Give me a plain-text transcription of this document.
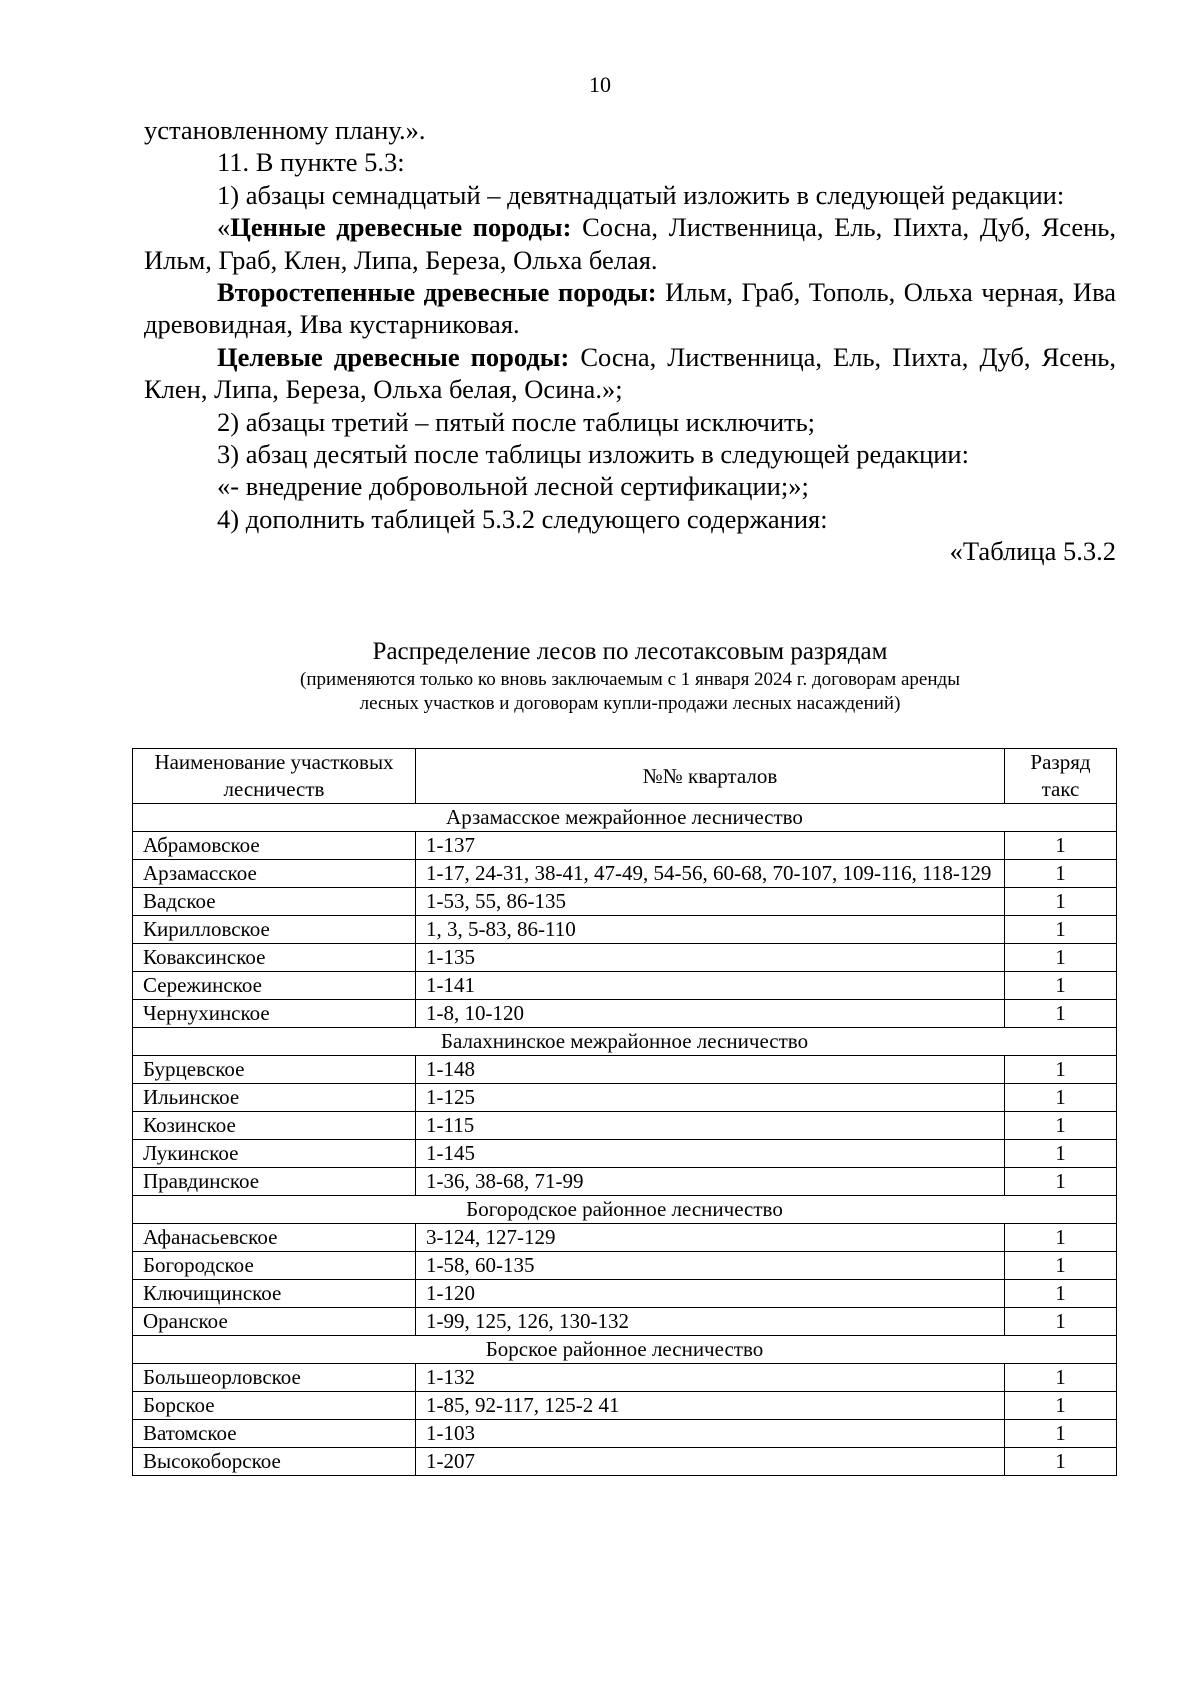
10

установленному плану.».

11. В пункте 5.3:

1) абзацы семнадцатый – девятнадцатый изложить в следующей редакции:

«Ценные древесные породы: Сосна, Лиственница, Ель, Пихта, Дуб, Ясень, Ильм, Граб, Клен, Липа, Береза, Ольха белая.

Второстепенные древесные породы: Ильм, Граб, Тополь, Ольха черная, Ива древовидная, Ива кустарниковая.

Целевые древесные породы: Сосна, Лиственница, Ель, Пихта, Дуб, Ясень, Клен, Липа, Береза, Ольха белая, Осина.»;

2) абзацы третий – пятый после таблицы исключить;

3) абзац десятый после таблицы изложить в следующей редакции:

«- внедрение добровольной лесной сертификации;»;

4) дополнить таблицей 5.3.2 следующего содержания:

«Таблица 5.3.2

Распределение лесов по лесотаксовым разрядам
(применяются только ко вновь заключаемым с 1 января 2024 г. договорам аренды лесных участков и договорам купли-продажи лесных насаждений)
Наименование участковых лесничеств	№№ кварталов	Разряд такс
Арзамасское межрайонное лесничество		
Абрамовское	1-137	1
Арзамасское	1-17, 24-31, 38-41, 47-49, 54-56, 60-68, 70-107, 109-116, 118-129	1
Вадское	1-53, 55, 86-135	1
Кирилловское	1, 3, 5-83, 86-110	1
Коваксинское	1-135	1
Сережинское	1-141	1
Чернухинское	1-8, 10-120	1
Балахнинское межрайонное лесничество		
Бурцевское	1-148	1
Ильинское	1-125	1
Козинское	1-115	1
Лукинское	1-145	1
Правдинское	1-36, 38-68, 71-99	1
Богородское районное лесничество		
Афанасьевское	3-124, 127-129	1
Богородское	1-58, 60-135	1
Ключищинское	1-120	1
Оранское	1-99, 125, 126, 130-132	1
Борское районное лесничество		
Большеорловское	1-132	1
Борское	1-85, 92-117, 125-2 41	1
Ватомское	1-103	1
Высокоборское	1-207	1
